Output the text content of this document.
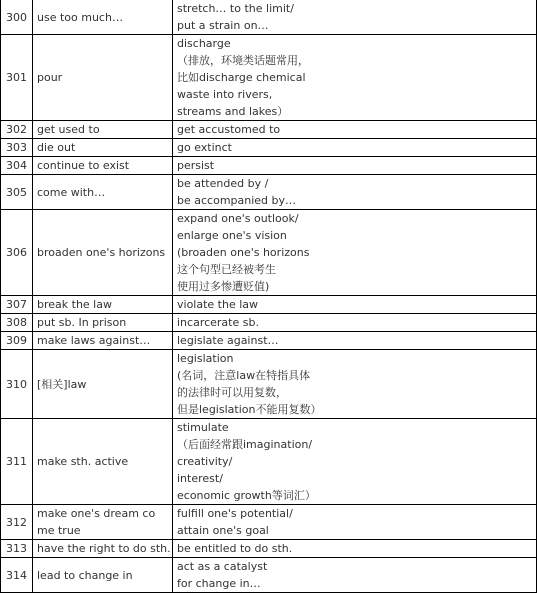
300	use too much…	stretch… to the limit/
put a strain on…

301	pour	discharge
（排放，环境类话题常用，
比如discharge chemical
waste into rivers,
streams and lakes）

302	get used to	get accustomed to

303	die out	go extinct

304	continue to exist	persist

305	come with…	be attended by /
be accompanied by…

306	broaden one's horizons	expand one's outlook/
enlarge one's vision
(broaden one's horizons
这个句型已经被考生
使用过多惨遭贬值)

307	break the law	violate the law

308	put sb. In prison	incarcerate sb.

309	make laws against…	legislate against…

310	[相关]law	legislation
(名词，注意law在特指具体
的法律时可以用复数，
但是legislation不能用复数）

311	make sth. active	stimulate
（后面经常跟imagination/
creativity/
interest/
economic growth等词汇）

312	make one's dream co
me true	fulfill one's potential/
attain one's goal

313	have the right to do sth.	be entitled to do sth.

314	lead to change in	act as a catalyst
for change in…
